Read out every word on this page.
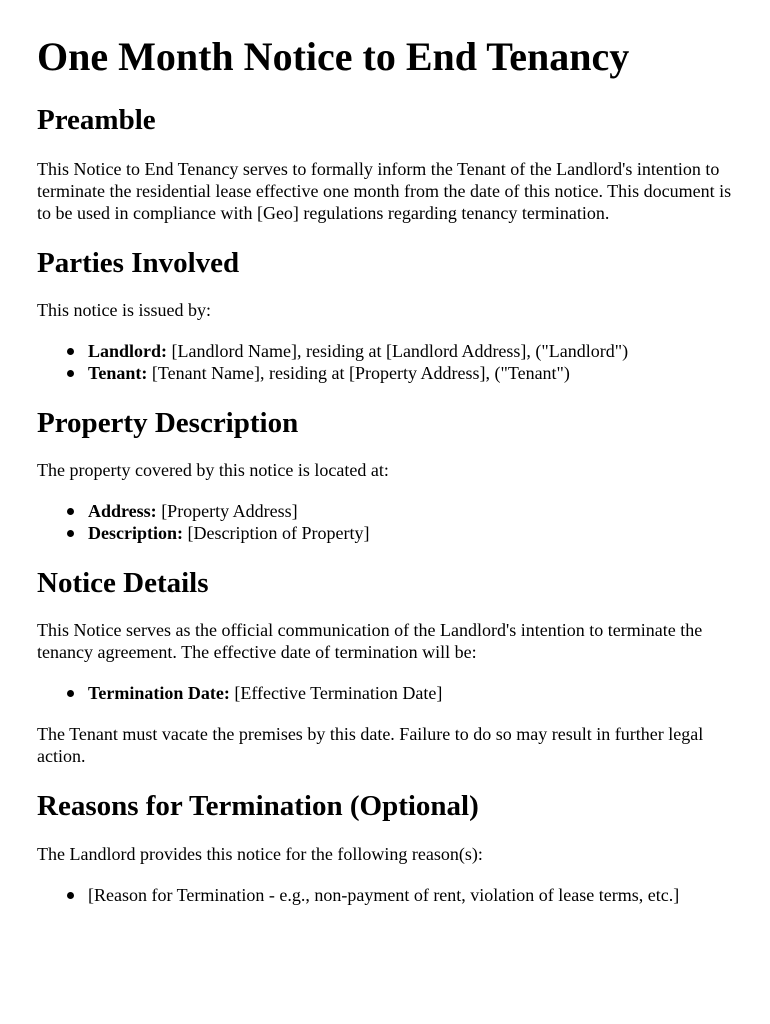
One Month Notice to End Tenancy
Preamble

This Notice to End Tenancy serves to formally inform the Tenant of the Landlord's intention to terminate the residential lease effective one month from the date of this notice. This document is to be used in compliance with [Geo] regulations regarding tenancy termination.

Parties Involved

This notice is issued by:

Landlord: [Landlord Name], residing at [Landlord Address], ("Landlord")
Tenant: [Tenant Name], residing at [Property Address], ("Tenant")
Property Description

The property covered by this notice is located at:

Address: [Property Address]
Description: [Description of Property]
Notice Details

This Notice serves as the official communication of the Landlord's intention to terminate the tenancy agreement. The effective date of termination will be:

Termination Date: [Effective Termination Date]

The Tenant must vacate the premises by this date. Failure to do so may result in further legal action.

Reasons for Termination (Optional)

The Landlord provides this notice for the following reason(s):

[Reason for Termination - e.g., non-payment of rent, violation of lease terms, etc.]
